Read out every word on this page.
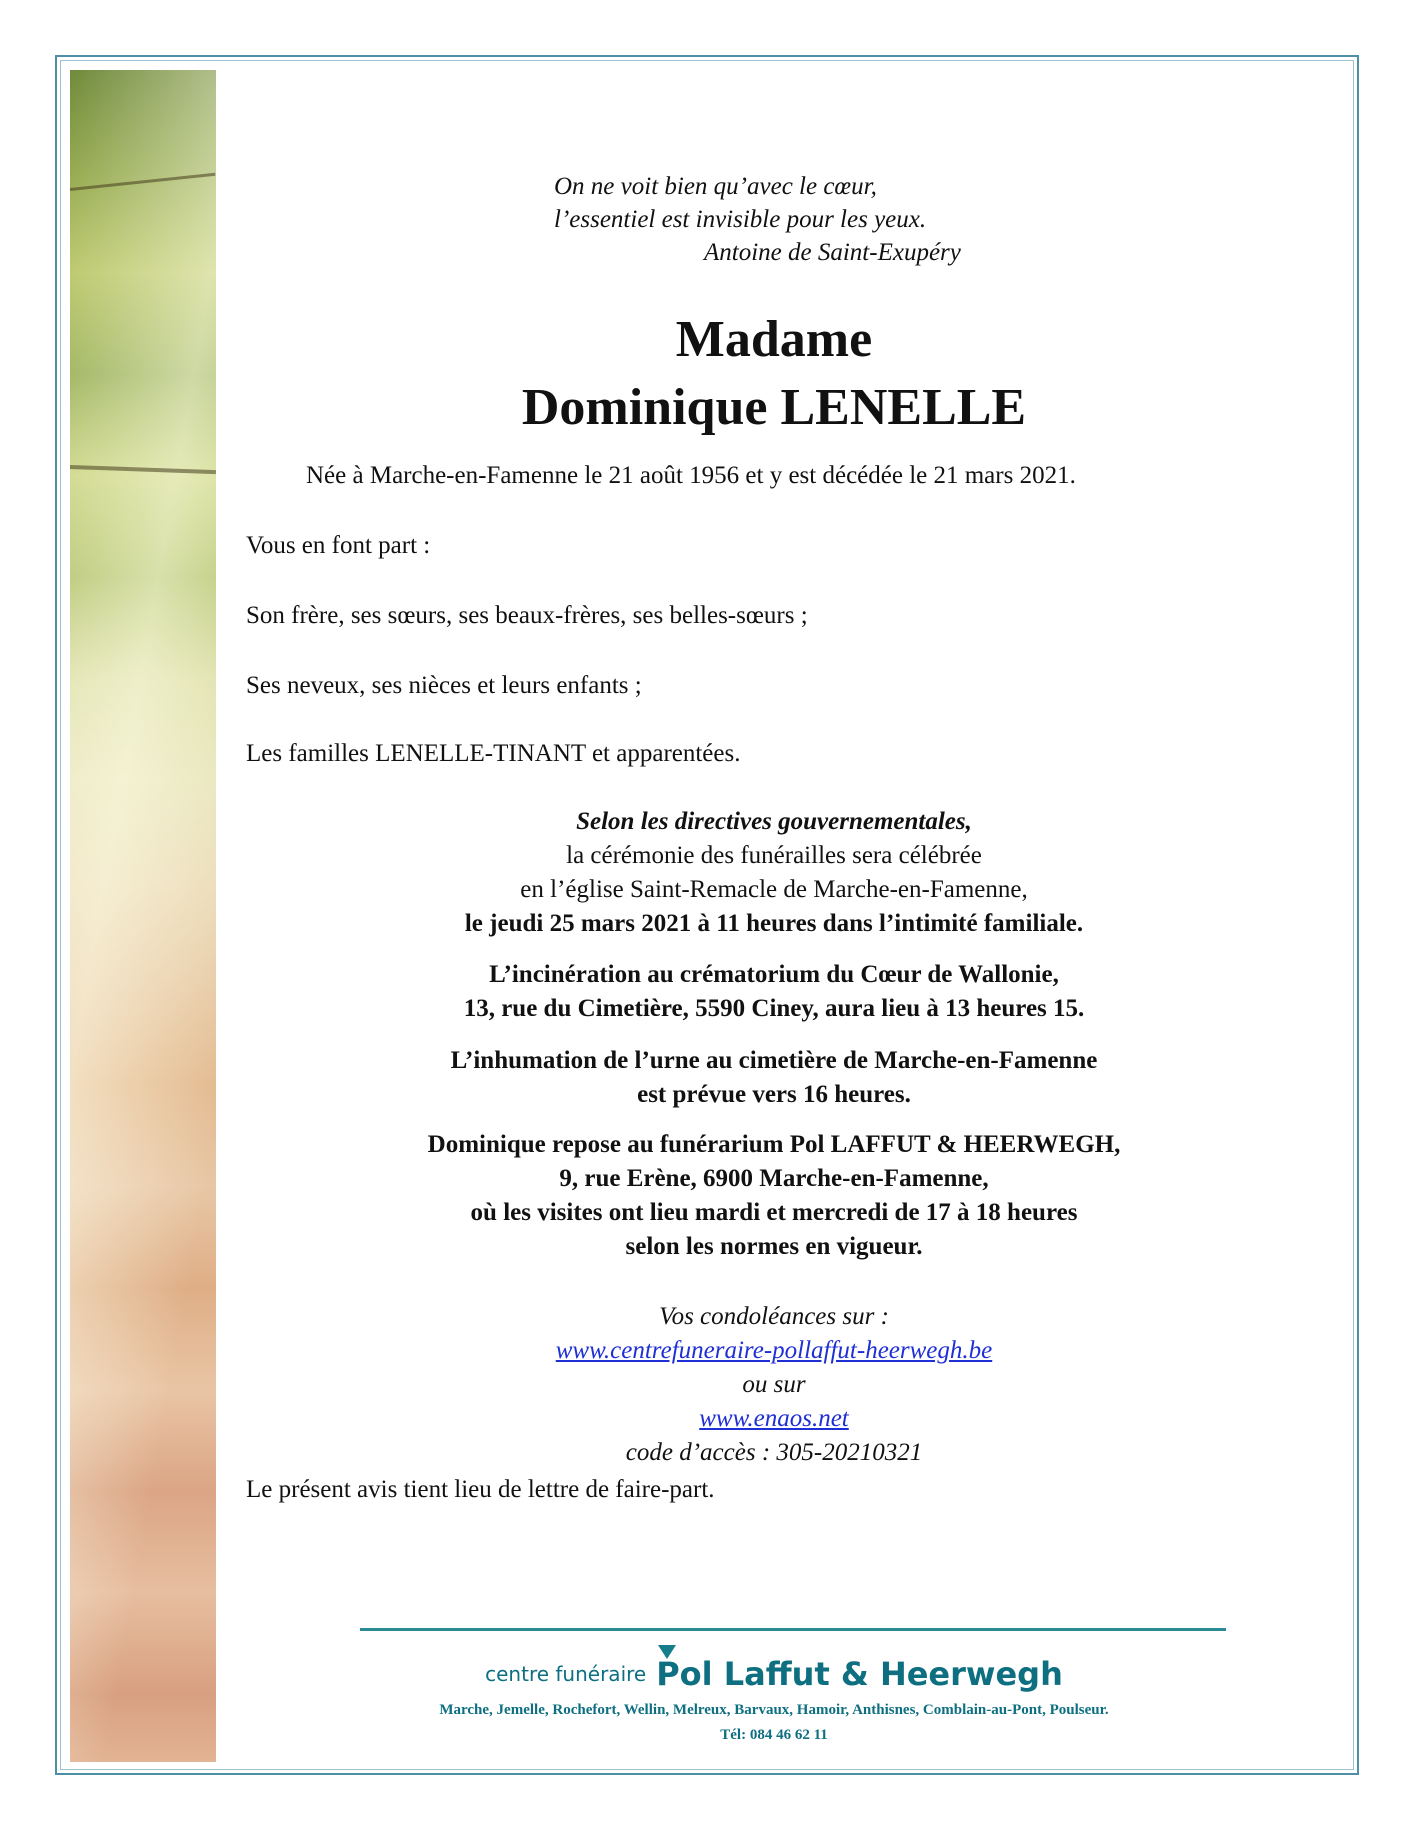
On ne voit bien qu’avec le cœur,
l’essentiel est invisible pour les yeux.
Antoine de Saint-Exupéry
Madame
Dominique LENELLE
Née à Marche-en-Famenne le 21 août 1956 et y est décédée le 21 mars 2021.
Vous en font part :
Son frère, ses sœurs, ses beaux-frères, ses belles-sœurs ;
Ses neveux, ses nièces et leurs enfants ;
Les familles LENELLE-TINANT et apparentées.
Selon les directives gouvernementales,
la cérémonie des funérailles sera célébrée
en l’église Saint-Remacle de Marche-en-Famenne,
le jeudi 25 mars 2021 à 11 heures dans l’intimité familiale.
L’incinération au crématorium du Cœur de Wallonie,
13, rue du Cimetière, 5590 Ciney, aura lieu à 13 heures 15.
L’inhumation de l’urne au cimetière de Marche-en-Famenne
est prévue vers 16 heures.
Dominique repose au funérarium Pol LAFFUT & HEERWEGH,
9, rue Erène, 6900 Marche-en-Famenne,
où les visites ont lieu mardi et mercredi de 17 à 18 heures
selon les normes en vigueur.
Vos condoléances sur :
www.centrefuneraire-pollaffut-heerwegh.be
ou sur
www.enaos.net
code d’accès : 305-20210321
Le présent avis tient lieu de lettre de faire-part.
centre funéraire Pol Laffut & Heerwegh
Marche, Jemelle, Rochefort, Wellin, Melreux, Barvaux, Hamoir, Anthisnes, Comblain-au-Pont, Poulseur.
Tél: 084 46 62 11
